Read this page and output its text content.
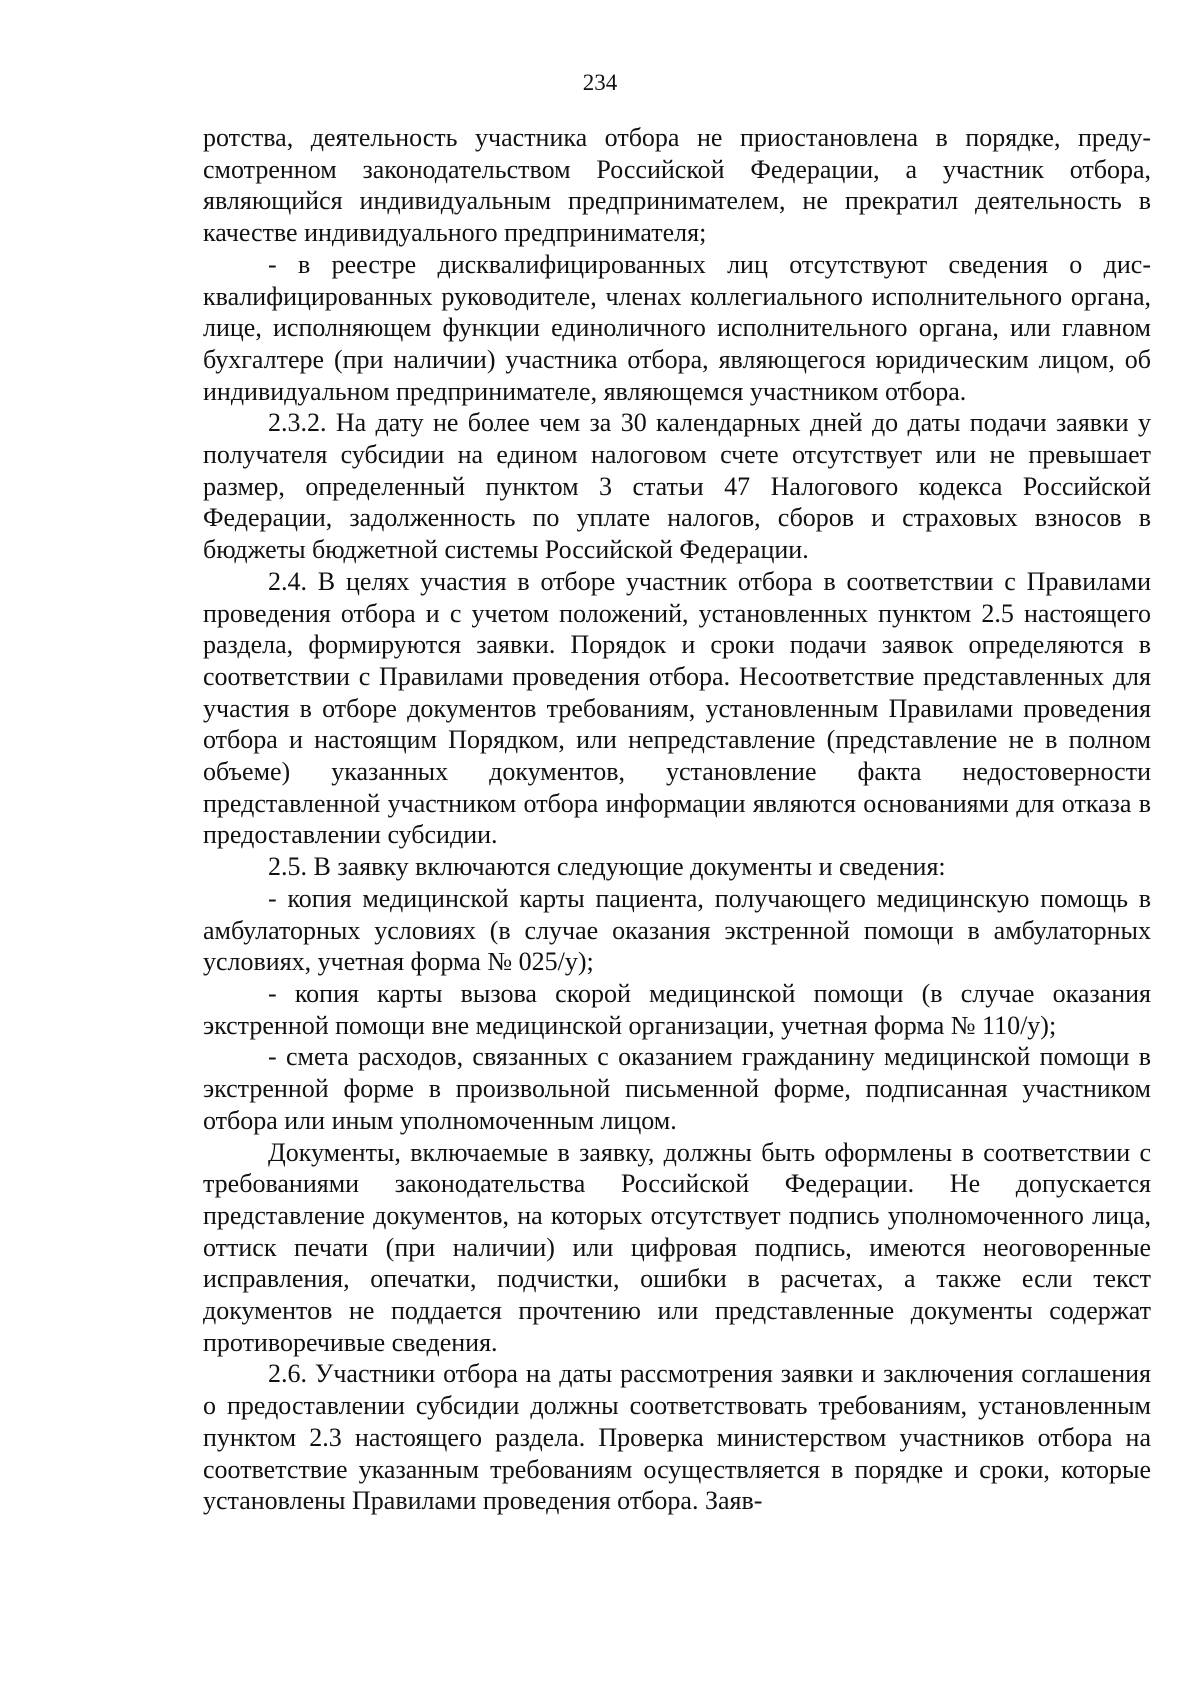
234

ротства, деятельность участника отбора не приостановлена в порядке, предусмотренном законодательством Российской Федерации, а участник отбора, являющийся индивидуальным предпринимателем, не прекратил деятельность в качестве индивидуального предпринимателя;

- в реестре дисквалифицированных лиц отсутствуют сведения о дисквалифицированных руководителе, членах коллегиального исполнительного органа, лице, исполняющем функции единоличного исполнительного органа, или главном бухгалтере (при наличии) участника отбора, являющегося юридическим лицом, об индивидуальном предпринимателе, являющемся участником отбора.

2.3.2. На дату не более чем за 30 календарных дней до даты подачи заявки у получателя субсидии на едином налоговом счете отсутствует или не превышает размер, определенный пунктом 3 статьи 47 Налогового кодекса Российской Федерации, задолженность по уплате налогов, сборов и страховых взносов в бюджеты бюджетной системы Российской Федерации.

2.4. В целях участия в отборе участник отбора в соответствии с Правилами проведения отбора и с учетом положений, установленных пунктом 2.5 настоящего раздела, формируются заявки. Порядок и сроки подачи заявок определяются в соответствии с Правилами проведения отбора. Несоответствие представленных для участия в отборе документов требованиям, установленным Правилами проведения отбора и настоящим Порядком, или непредставление (представление не в полном объеме) указанных документов, установление факта недостоверности представленной участником отбора информации являются основаниями для отказа в предоставлении субсидии.

2.5. В заявку включаются следующие документы и сведения:

- копия медицинской карты пациента, получающего медицинскую помощь в амбулаторных условиях (в случае оказания экстренной помощи в амбулаторных условиях, учетная форма № 025/у);

- копия карты вызова скорой медицинской помощи (в случае оказания экстренной помощи вне медицинской организации, учетная форма № 110/у);

- смета расходов, связанных с оказанием гражданину медицинской помощи в экстренной форме в произвольной письменной форме, подписанная участником отбора или иным уполномоченным лицом.

Документы, включаемые в заявку, должны быть оформлены в соответствии с требованиями законодательства Российской Федерации. Не допускается представление документов, на которых отсутствует подпись уполномоченного лица, оттиск печати (при наличии) или цифровая подпись, имеются неоговоренные исправления, опечатки, подчистки, ошибки в расчетах, а также если текст документов не поддается прочтению или представленные документы содержат противоречивые сведения.

2.6. Участники отбора на даты рассмотрения заявки и заключения соглашения о предоставлении субсидии должны соответствовать требованиям, установленным пунктом 2.3 настоящего раздела. Проверка министерством участников отбора на соответствие указанным требованиям осуществляется в порядке и сроки, которые установлены Правилами проведения отбора. Заяв-
